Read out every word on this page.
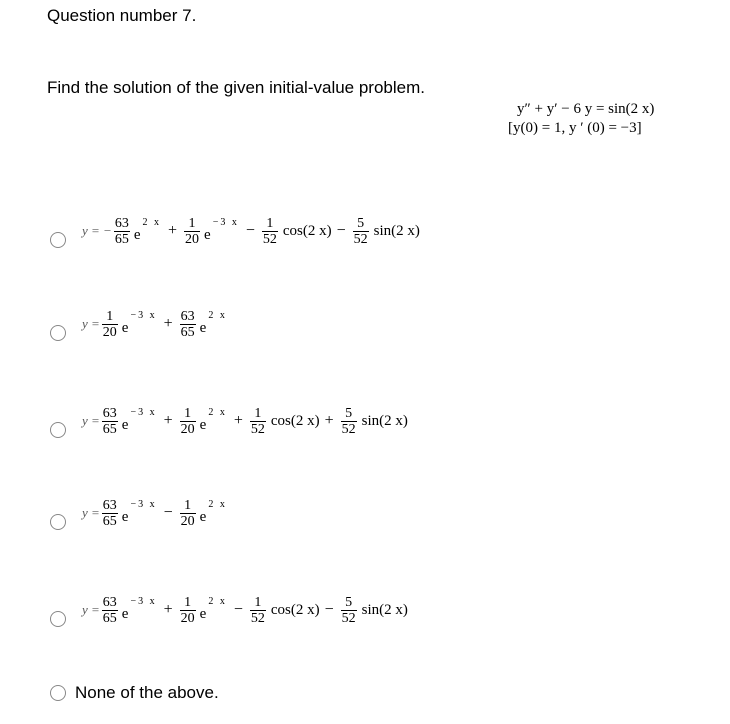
Question number 7.
Find the solution of the given initial-value problem.
y″ + y′ − 6 y = sin(2 x)
[y(0) = 1, y ′ (0) = −3]
y = − $\frac{63}{65}$ e
2 $x + \frac{1}{20}$ e
−3 $x - \frac{1}{52} \cos(2$ $x) - \frac{5}{52} \sin(2$ x)
$y = \frac{1}{20}$ e
−3 $x + \frac{63}{65}$ e
2 x
$y = \frac{63}{65}$ e
−3 $x + \frac{1}{20}$ e
2 $x + \frac{1}{52} \cos(2$ $x) + \frac{5}{52} \sin(2$ x)
$y = \frac{63}{65}$ e
−3 $x - \frac{1}{20}$ e
2 x
$y = \frac{63}{65}$ e
−3 $x + \frac{1}{20}$ e
2 $x - \frac{1}{52} \cos(2$ $x) - \frac{5}{52} \sin(2$ x)
None of the above.
